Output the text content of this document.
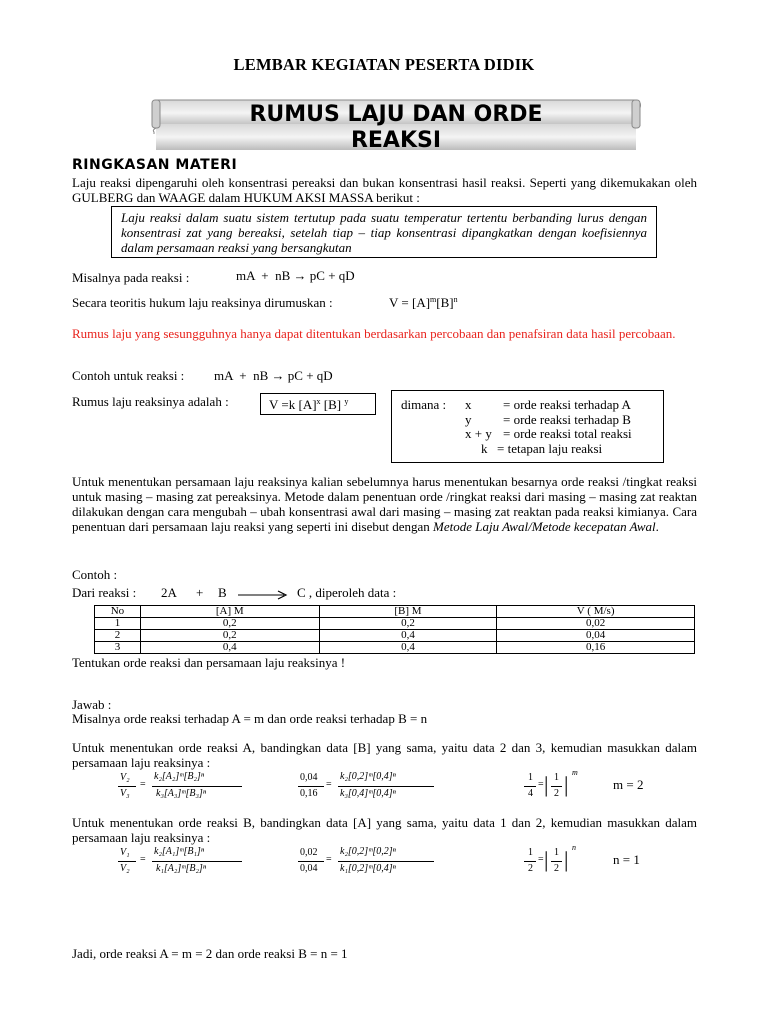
LEMBAR KEGIATAN PESERTA DIDIK
RUMUS LAJU DAN ORDE
REAKSI
RINGKASAN MATERI
Laju reaksi dipengaruhi oleh konsentrasi pereaksi dan bukan konsentrasi hasil reaksi. Seperti yang dikemukakan oleh GULBERG dan WAAGE dalam HUKUM AKSI MASSA berikut :
Laju reaksi dalam suatu sistem tertutup pada suatu temperatur tertentu berbanding lurus dengan konsentrasi zat yang bereaksi, setelah tiap – tiap konsentrasi dipangkatkan dengan koefisiennya dalam persamaan reaksi yang bersangkutan
Misalnya pada reaksi :	mA  +  nB → pC + qD
Secara teoritis hukum laju reaksinya dirumuskan :	$V = [A]^m[B]^n$
Rumus laju yang sesungguhnya hanya dapat ditentukan berdasarkan percobaan dan penafsiran data hasil percobaan.
Contoh untuk reaksi : mA  +  nB → pC + qD
Rumus laju reaksinya adalah :	V =k $[A]^x$ [B] $^y$	dimana : x = orde reaksi terhadap A
y = orde reaksi terhadap B
x + y = orde reaksi total reaksi
k = tetapan laju reaksi
Untuk menentukan persamaan laju reaksinya kalian sebelumnya harus menentukan besarnya orde reaksi /tingkat reaksi untuk masing – masing zat pereaksinya. Metode dalam penentuan orde /ringkat reaksi dari masing – masing zat reaktan dilakukan dengan cara mengubah – ubah konsentrasi awal dari masing – masing zat reaktan pada reaksi kimianya. Cara penentuan dari persamaan laju reaksi yang seperti ini disebut dengan Metode Laju Awal/Metode kecepatan Awal.
Contoh :
Dari reaksi : 2A + B → C , diperoleh data :
No	[A] M	[B] M	V ( M/s)
1	0,2	0,2	0,02
2	0,2	0,4	0,04
3	0,4	0,4	0,16
Tentukan orde reaksi dan persamaan laju reaksinya !
Jawab :
Misalnya orde reaksi terhadap A = m dan orde reaksi terhadap B = n
Untuk menentukan orde reaksi A, bandingkan data [B] yang sama, yaitu data 2 dan 3, kemudian masukkan dalam persamaan laju reaksinya :
V₂
V₃
=
k₂[A₂]ᵐ[B₂]ⁿ
k₃[A₃]ᵐ[B₃]ⁿ
0,04
0,16
=
k₂[0,2]ᵐ[0,4]ⁿ
k₃[0,4]ᵐ[0,4]ⁿ
1
4
= | 1
2 | m
m = 2
Untuk menentukan orde reaksi B, bandingkan data [A] yang sama, yaitu data 1 dan 2, kemudian masukkan dalam persamaan laju reaksinya :
V₁
V₂
=
k₂[A₁]ᵐ[B₁]ⁿ
k₁[A₂]ᵐ[B₂]ⁿ
0,02
0,04
=
k₂[0,2]ᵐ[0,2]ⁿ
k₁[0,2]ᵐ[0,4]ⁿ
1
2
= | 1
2 | n
n = 1
Jadi, orde reaksi A = m = 2 dan orde reaksi B = n = 1
